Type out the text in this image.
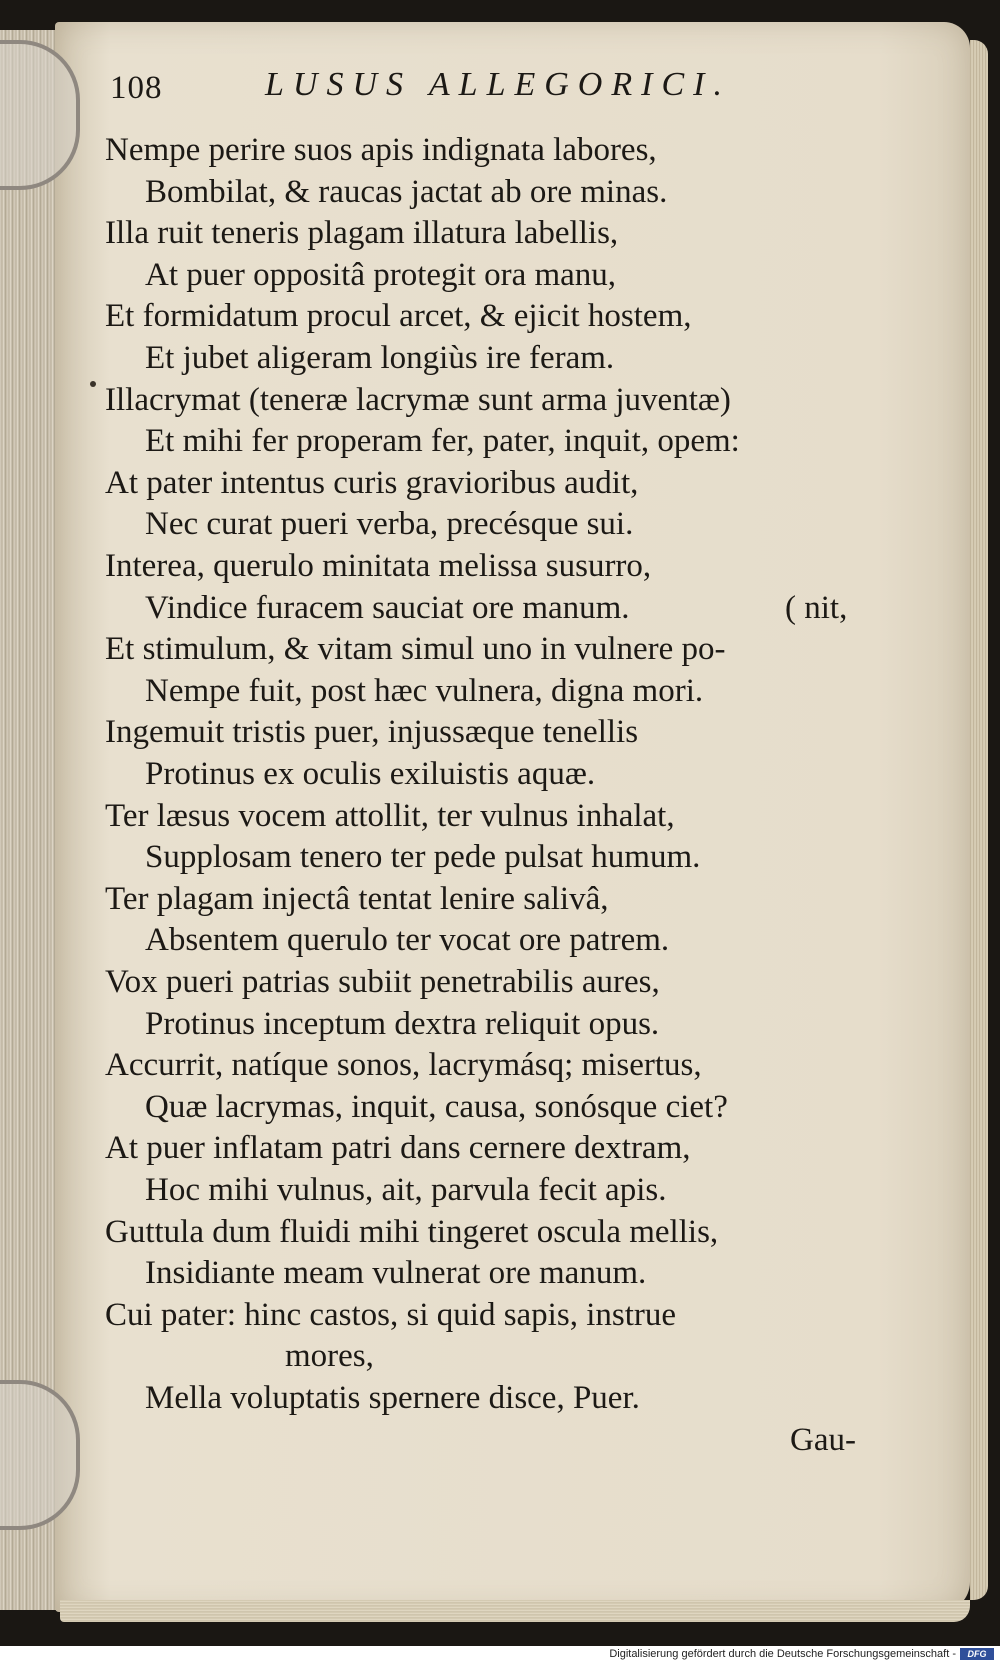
108	LUSUS ALLEGORICI.
Nempe perire suos apis indignata labores,
Bombilat, & raucas jactat ab ore minas.
Illa ruit teneris plagam illatura labellis,
At puer oppositâ protegit ora manu,
Et formidatum procul arcet, & ejicit hostem,
Et jubet aligeram longiùs ire feram.
Illacrymat (teneræ lacrymæ sunt arma juventæ)
Et mihi fer properam fer, pater, inquit, opem:
At pater intentus curis gravioribus audit,
Nec curat pueri verba, precésque sui.
Interea, querulo minitata melissa susurro,
Vindice furacem sauciat ore manum.	( nit,
Et stimulum, & vitam simul uno in vulnere po-
Nempe fuit, post hæc vulnera, digna mori.
Ingemuit tristis puer, injussæque tenellis
Protinus ex oculis exiluistis aquæ.
Ter læsus vocem attollit, ter vulnus inhalat,
Supplosam tenero ter pede pulsat humum.
Ter plagam injectâ tentat lenire salivâ,
Absentem querulo ter vocat ore patrem.
Vox pueri patrias subiit penetrabilis aures,
Protinus inceptum dextra reliquit opus.
Accurrit, natíque sonos, lacrymásq; misertus,
Quæ lacrymas, inquit, causa, sonósque ciet?
At puer inflatam patri dans cernere dextram,
Hoc mihi vulnus, ait, parvula fecit apis.
Guttula dum fluidi mihi tingeret oscula mellis,
Insidiante meam vulnerat ore manum.
Cui pater: hinc castos, si quid sapis, instrue
mores,
Mella voluptatis spernere disce, Puer.
Gau-
Digitalisierung gefördert durch die Deutsche Forschungsgemeinschaft -	DFG
